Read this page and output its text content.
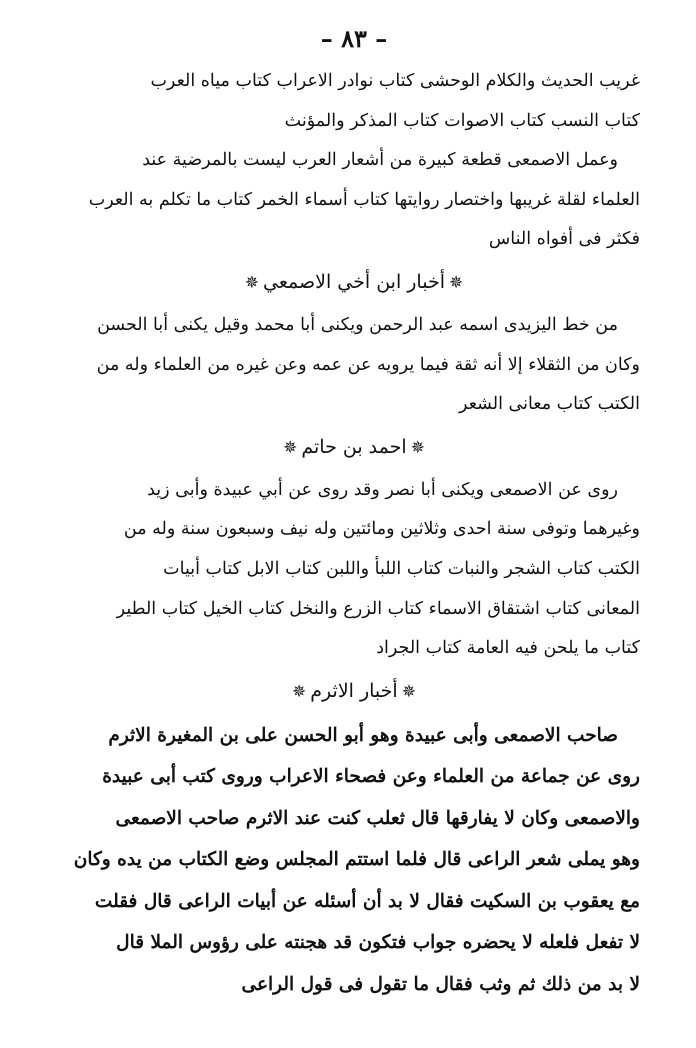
– ٨٣ –
غريب الحديث والكلام الوحشى كتاب نوادر الاعراب كتاب مياه العرب
كتاب النسب كتاب الاصوات كتاب المذكر والمؤنث
وعمل الاصمعى قطعة كبيرة من أشعار العرب ليست بالمرضية عند
العلماء لقلة غريبها واختصار روايتها كتاب أسماء الخمر كتاب ما تكلم به العرب
فكثر فى أفواه الناس
✵أخبار ابن أخي الاصمعي✵
من خط اليزيدى اسمه عبد الرحمن ويكنى أبا محمد وقيل يكنى أبا الحسن
وكان من الثقلاء إلا أنه ثقة فيما يرويه عن عمه وعن غيره من العلماء وله من
الكتب كتاب معانى الشعر
✵احمد بن حاتم✵
روى عن الاصمعى ويكنى أبا نصر وقد روى عن أبي عبيدة وأبى زيد
وغيرهما وتوفى سنة احدى وثلاثين ومائتين وله نيف وسبعون سنة وله من
الكتب كتاب الشجر والنبات كتاب اللبأ واللبن كتاب الابل كتاب أبيات
المعانى كتاب اشتقاق الاسماء كتاب الزرع والنخل كتاب الخيل كتاب الطير
كتاب ما يلحن فيه العامة كتاب الجراد
✵أخبار الاثرم✵
صاحب الاصمعى وأبى عبيدة وهو أبو الحسن على بن المغيرة الاثرم
روى عن جماعة من العلماء وعن فصحاء الاعراب وروى كتب أبى عبيدة
والاصمعى وكان لا يفارقها قال ثعلب كنت عند الاثرم صاحب الاصمعى
وهو يملى شعر الراعى قال فلما استتم المجلس وضع الكتاب من يده وكان
مع يعقوب بن السكيت فقال لا بد أن أسئله عن أبيات الراعى قال فقلت
لا تفعل فلعله لا يحضره جواب فتكون قد هجنته على رؤوس الملا قال
لا بد من ذلك ثم وثب فقال ما تقول فى قول الراعى
